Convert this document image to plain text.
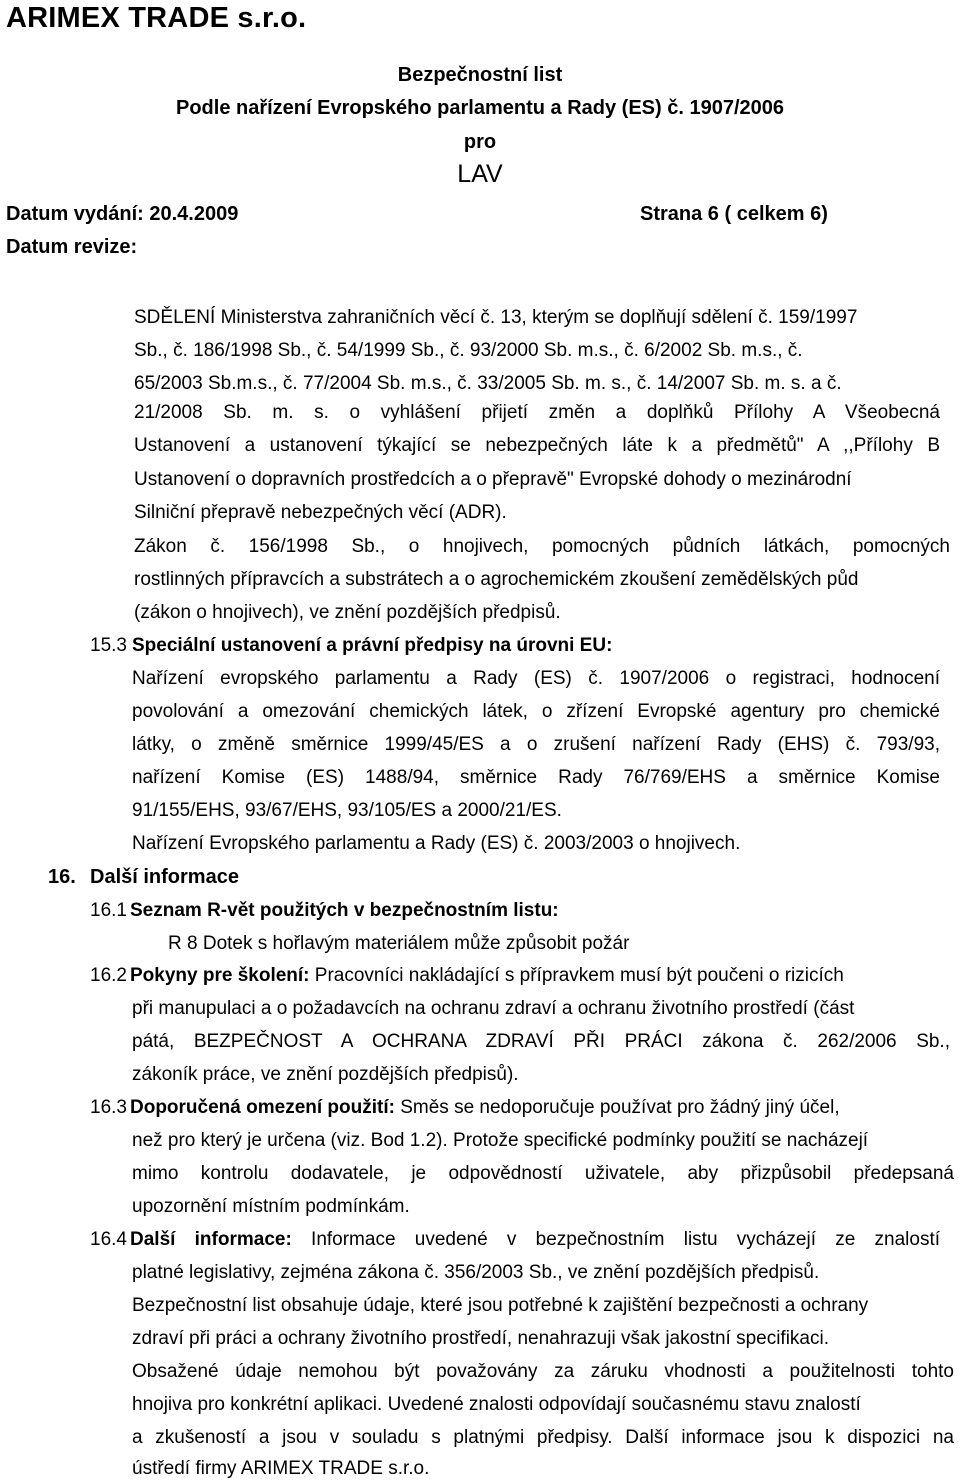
ARIMEX TRADE s.r.o.
Bezpečnostní list
Podle nařízení Evropského parlamentu a Rady (ES) č. 1907/2006
pro
LAV
Datum vydání: 20.4.2009	Strana 6 ( celkem 6)
Datum revize:
SDĚLENÍ Ministerstva zahraničních věcí č. 13, kterým se doplňují sdělení č. 159/1997
Sb., č. 186/1998 Sb., č. 54/1999 Sb., č. 93/2000 Sb. m.s., č. 6/2002 Sb. m.s., č.
65/2003 Sb.m.s., č. 77/2004 Sb. m.s., č. 33/2005 Sb. m. s., č. 14/2007 Sb. m. s. a č.
21/2008 Sb. m. s. o vyhlášení přijetí změn a doplňků Přílohy A Všeobecná
Ustanovení a ustanovení týkající se nebezpečných láte k a předmětů" A ,,Přílohy B
Ustanovení o dopravních prostředcích a o přepravě" Evropské dohody o mezinárodní
Silniční přepravě nebezpečných věcí (ADR).
Zákon č. 156/1998 Sb., o hnojivech, pomocných půdních látkách, pomocných
rostlinných přípravcích a substrátech a o agrochemickém zkoušení zemědělských půd
(zákon o hnojivech), ve znění pozdějších předpisů.
15.3 Speciální ustanovení a právní předpisy na úrovni EU:
Nařízení evropského parlamentu a Rady (ES) č. 1907/2006 o registraci, hodnocení
povolování a omezování chemických látek, o zřízení Evropské agentury pro chemické
látky, o změně směrnice 1999/45/ES a o zrušení nařízení Rady (EHS) č. 793/93,
nařízení Komise (ES) 1488/94, směrnice Rady 76/769/EHS a směrnice Komise
91/155/EHS, 93/67/EHS, 93/105/ES a 2000/21/ES.
Nařízení Evropského parlamentu a Rady (ES) č. 2003/2003 o hnojivech.
16. Další informace
16.1 Seznam R-vět použitých v bezpečnostním listu:
R 8 Dotek s hořlavým materiálem může způsobit požár
16.2 Pokyny pre školení: Pracovníci nakládající s přípravkem musí být poučeni o rizicích
při manupulaci a o požadavcích na ochranu zdraví a ochranu životního prostředí (část
pátá, BEZPEČNOST A OCHRANA ZDRAVÍ PŘI PRÁCI zákona č. 262/2006 Sb.,
zákoník práce, ve znění pozdějších předpisů).
16.3 Doporučená omezení použití: Směs se nedoporučuje používat pro žádný jiný účel,
než pro který je určena (viz. Bod 1.2). Protože specifické podmínky použití se nacházejí
mimo kontrolu dodavatele, je odpovědností uživatele, aby přizpůsobil předepsaná
upozornění místním podmínkám.
16.4 Další informace: Informace uvedené v bezpečnostním listu vycházejí ze znalostí
platné legislativy, zejména zákona č. 356/2003 Sb., ve znění pozdějších předpisů.
Bezpečnostní list obsahuje údaje, které jsou potřebné k zajištění bezpečnosti a ochrany
zdraví při práci a ochrany životního prostředí, nenahrazuji však jakostní specifikaci.
Obsažené údaje nemohou být považovány za záruku vhodnosti a použitelnosti tohto
hnojiva pro konkrétní aplikaci. Uvedené znalosti odpovídají současnému stavu znalostí
a zkušeností a jsou v souladu s platnými předpisy. Další informace jsou k dispozici na
ústředí firmy ARIMEX TRADE s.r.o.
